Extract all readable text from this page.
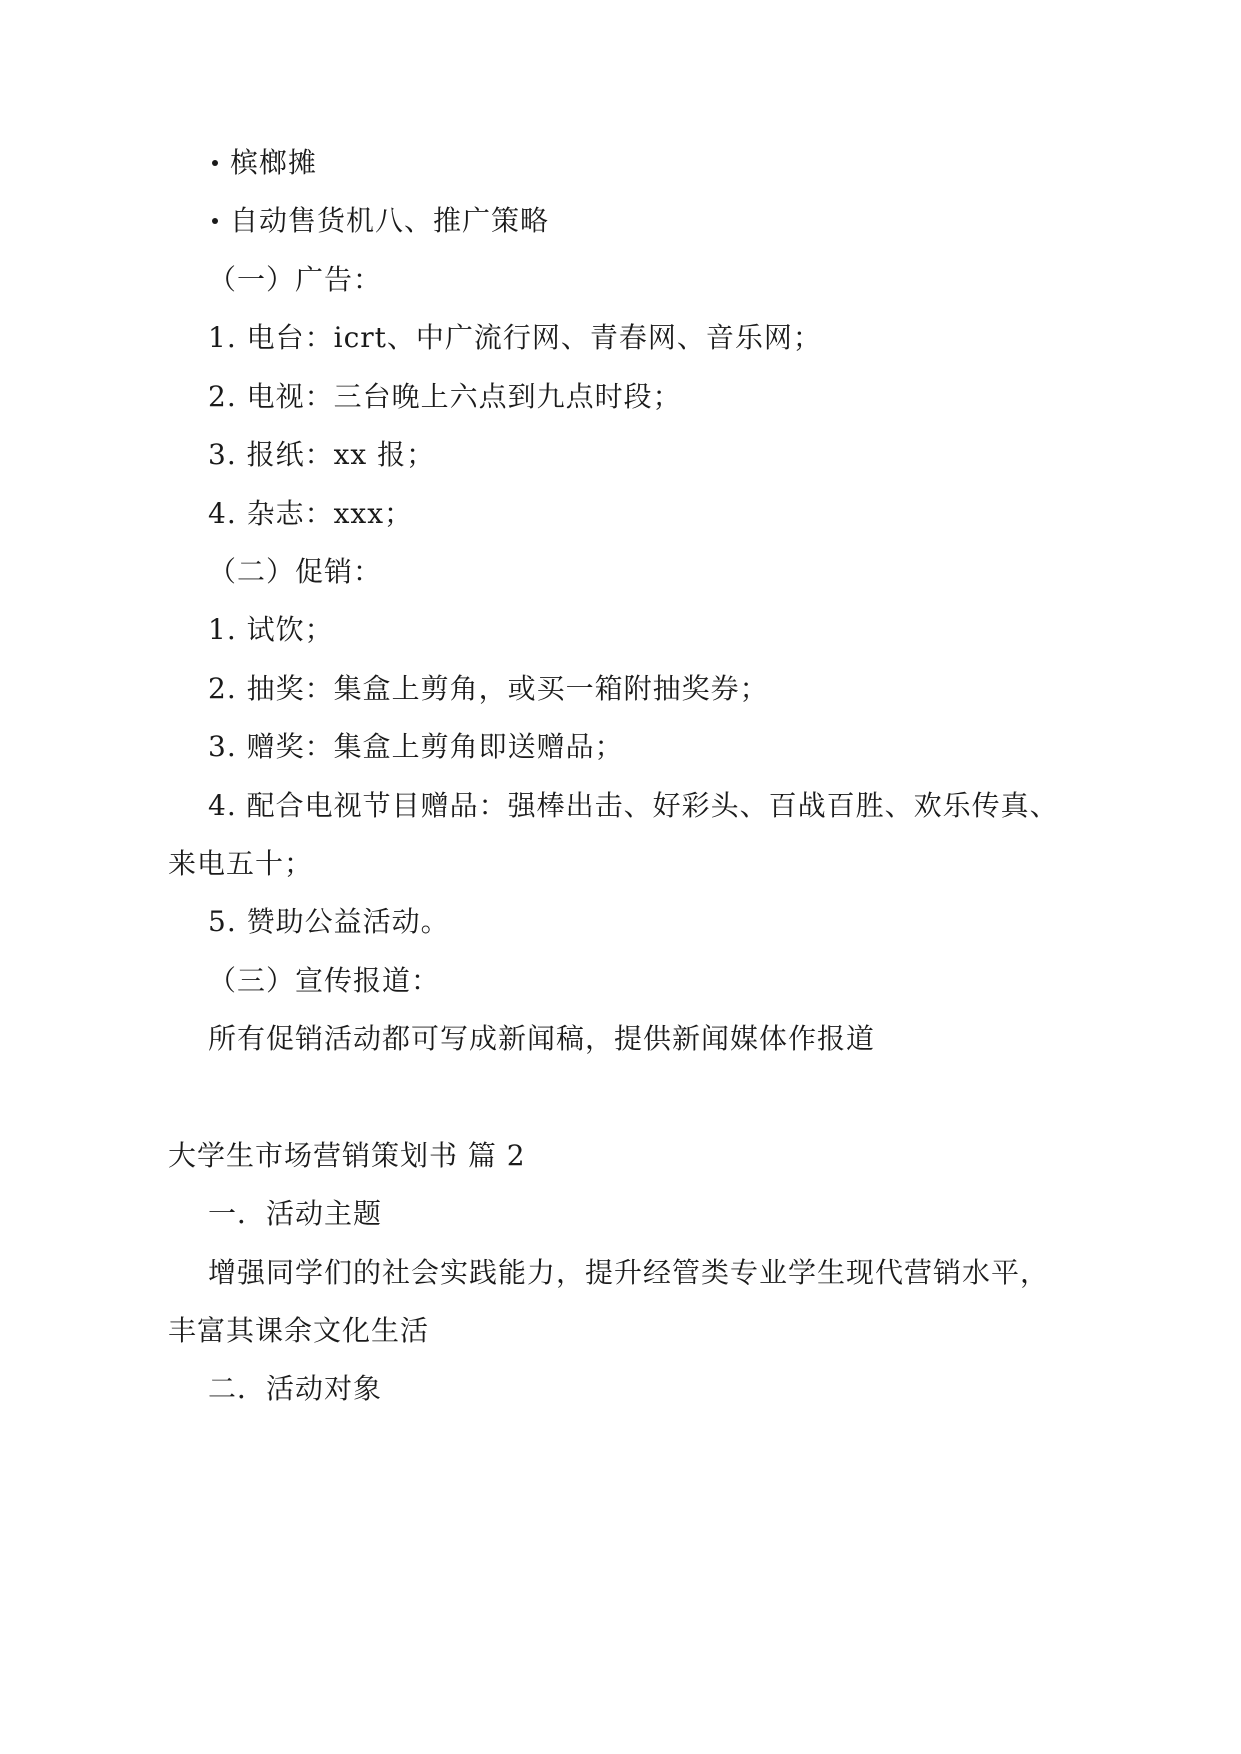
槟榔摊
自动售货机八、推广策略
（一）广告：
1. 电台：icrt、中广流行网、青春网、音乐网；
2. 电视：三台晚上六点到九点时段；
3. 报纸：xx 报；
4. 杂志：xxx；
（二）促销：
1. 试饮；
2. 抽奖：集盒上剪角，或买一箱附抽奖券；
3. 赠奖：集盒上剪角即送赠品；
4. 配合电视节目赠品：强棒出击、好彩头、百战百胜、欢乐传真、
来电五十；
5. 赞助公益活动。
（三）宣传报道：
所有促销活动都可写成新闻稿，提供新闻媒体作报道
大学生市场营销策划书 篇 2
一．活动主题
增强同学们的社会实践能力，提升经管类专业学生现代营销水平，
丰富其课余文化生活
二．活动对象
